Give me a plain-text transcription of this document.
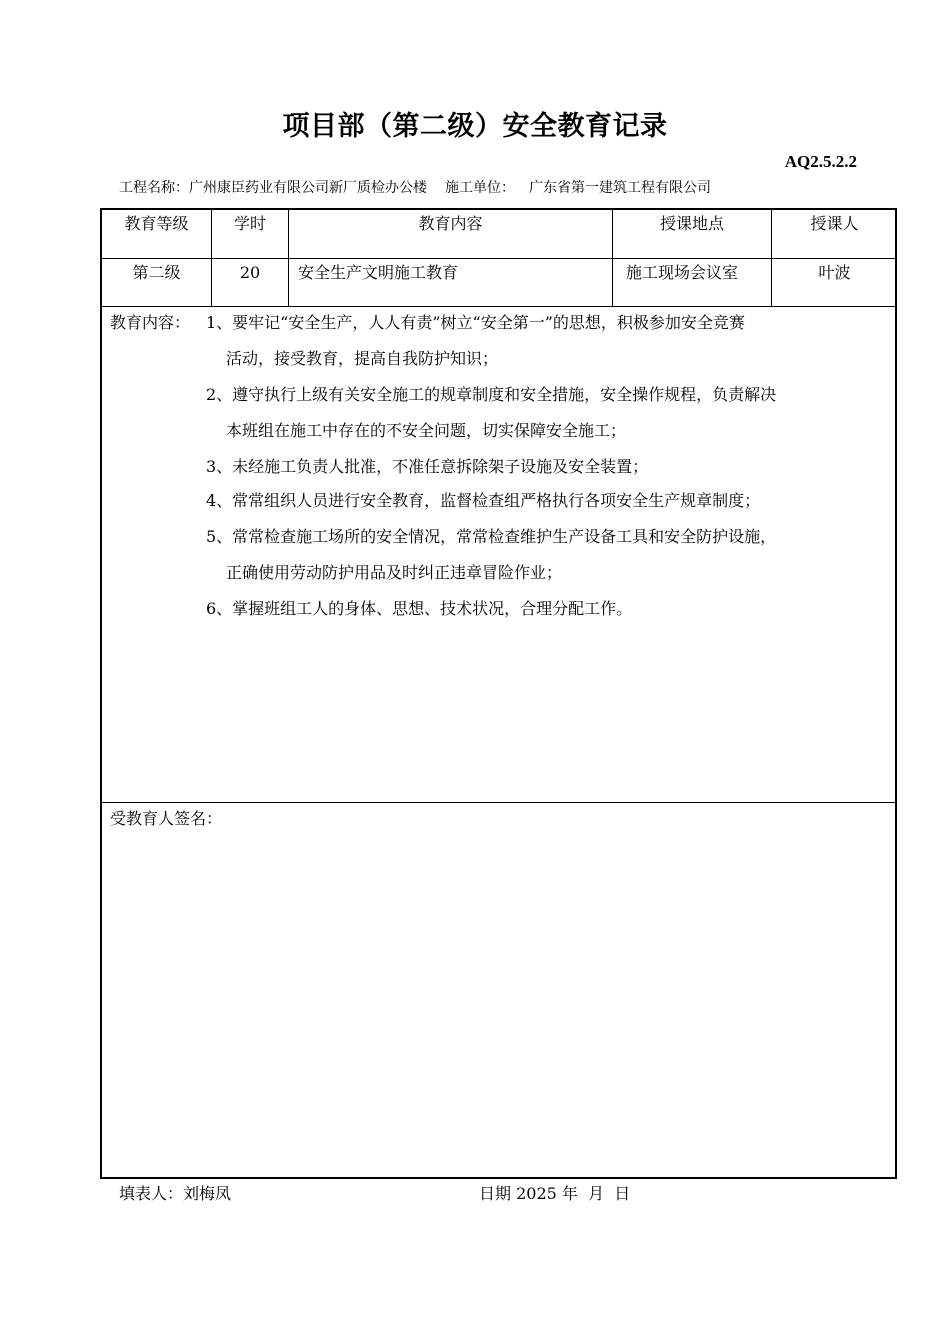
项目部（第二级）安全教育记录
AQ2.5.2.2
工程名称：广州康臣药业有限公司新厂质检办公楼 施工单位： 广东省第一建筑工程有限公司
教育等级	学时	教育内容	授课地点	授课人
第二级	20	安全生产文明施工教育	施工现场会议室	叶波
教育内容： 1、要牢记“安全生产，人人有责”树立“安全第一”的思想，积极参加安全竞赛
活动，接受教育，提高自我防护知识；
2、遵守执行上级有关安全施工的规章制度和安全措施，安全操作规程，负责解决
本班组在施工中存在的不安全问题，切实保障安全施工；
3、未经施工负责人批准，不准任意拆除架子设施及安全装置；
4、常常组织人员进行安全教育，监督检查组严格执行各项安全生产规章制度；
5、常常检查施工场所的安全情况，常常检查维护生产设备工具和安全防护设施，
正确使用劳动防护用品及时纠正违章冒险作业；
6、掌握班组工人的身体、思想、技术状况，合理分配工作。
受教育人签名：
填表人：刘梅凤	日期 2025 年  月  日
